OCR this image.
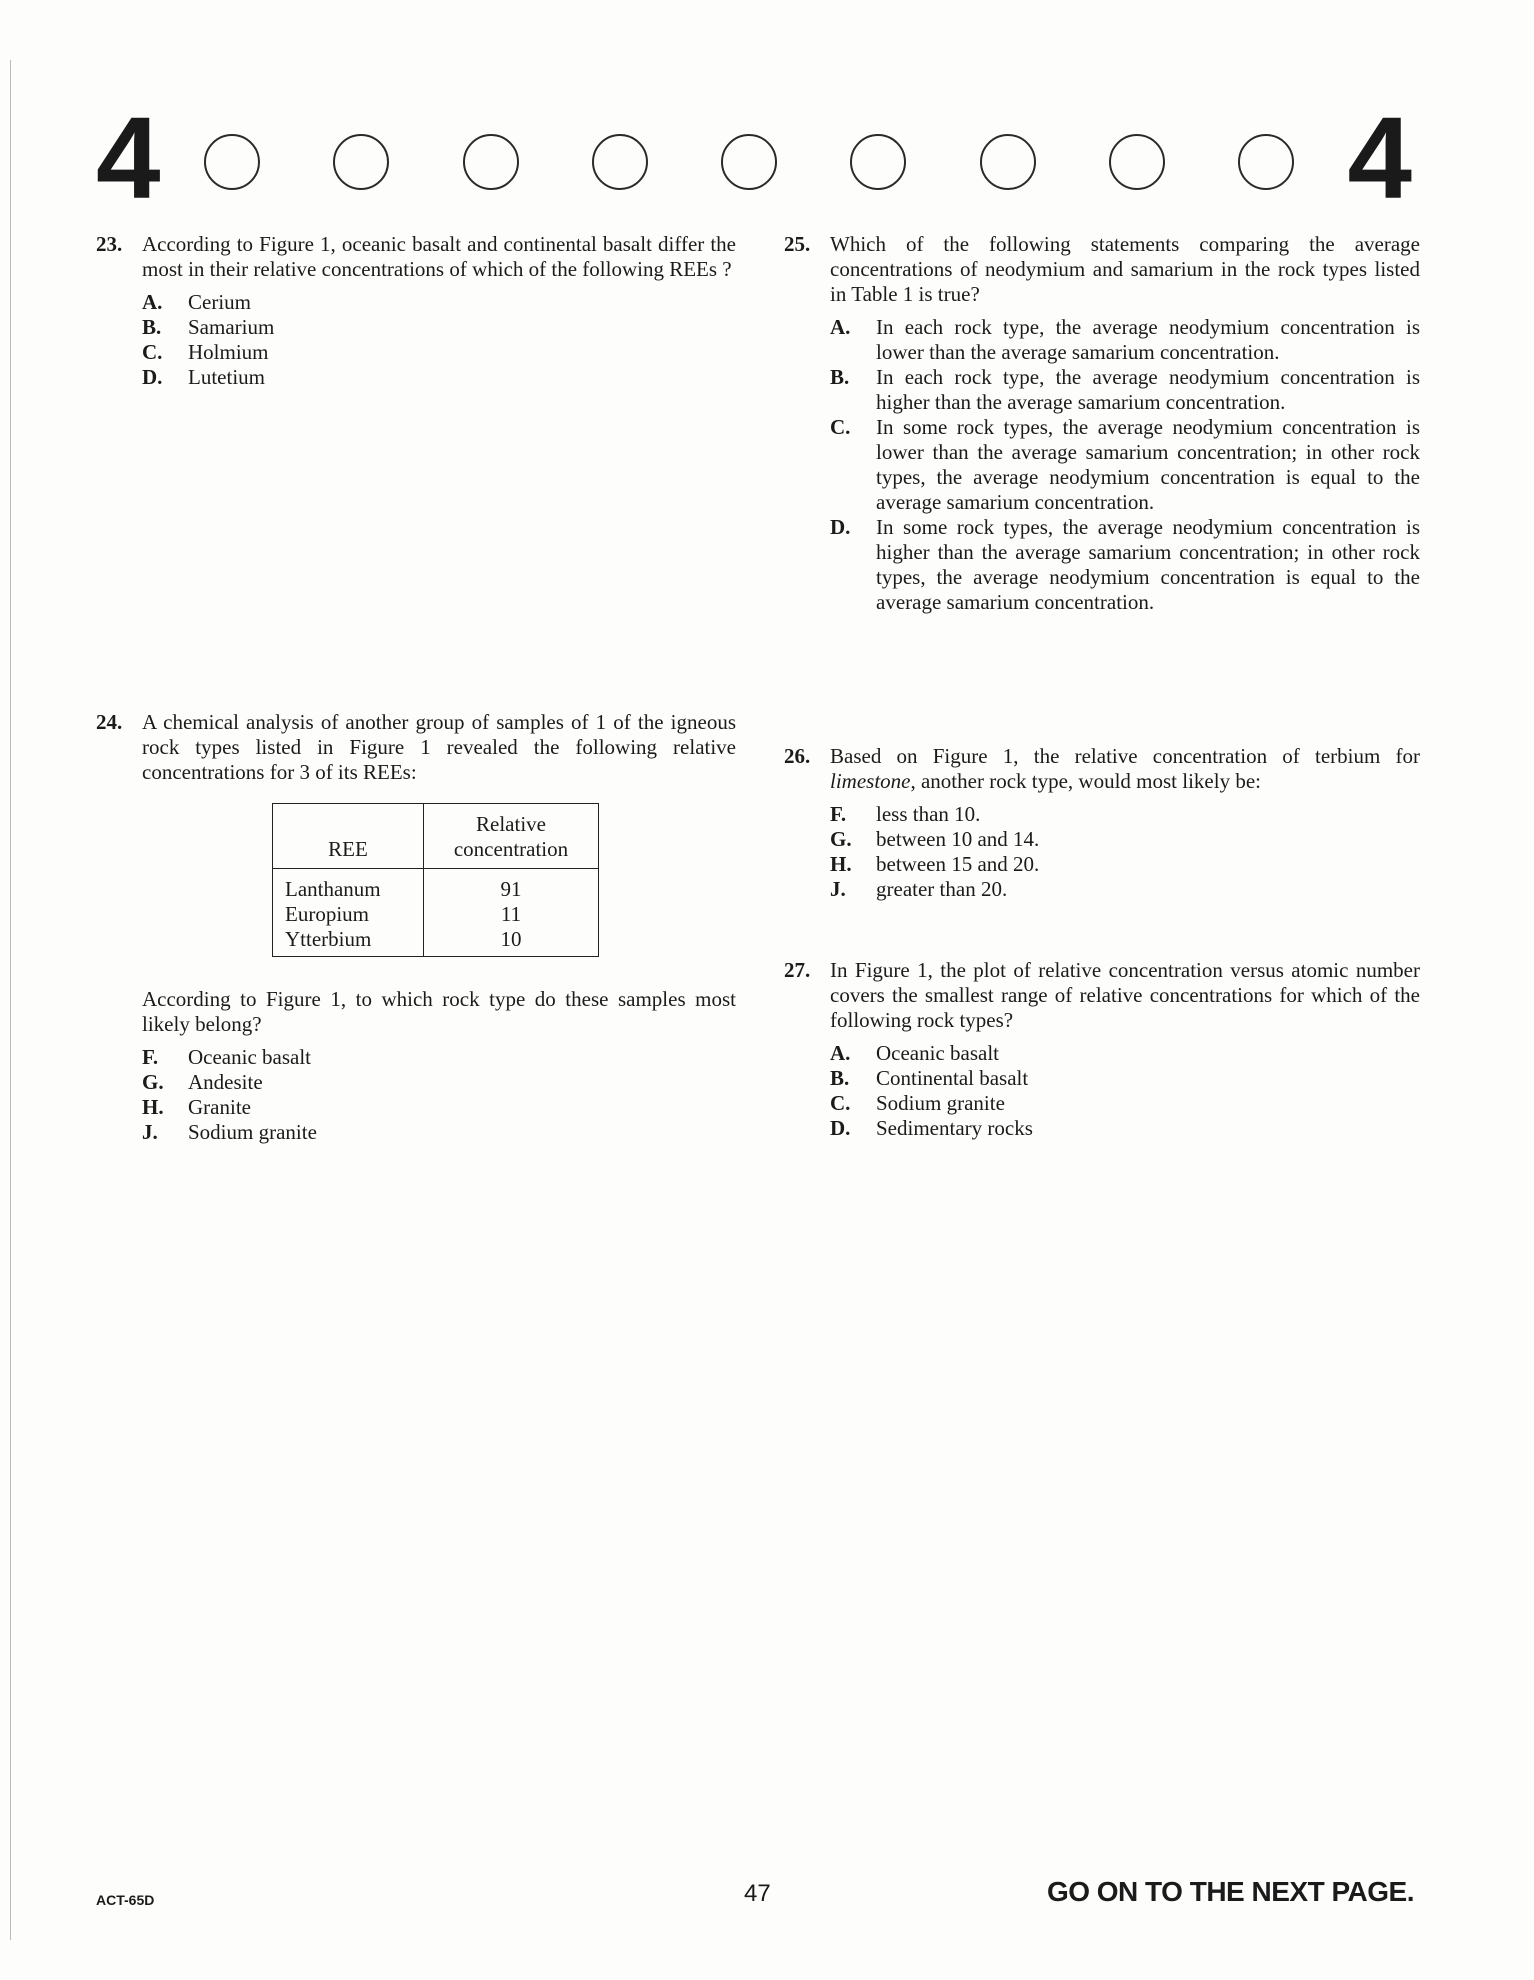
4	4
23. According to Figure 1, oceanic basalt and continental basalt differ the most in their relative concentrations of which of the following REEs ?
A.	Cerium
B.	Samarium
C.	Holmium
D.	Lutetium
24. A chemical analysis of another group of samples of 1 of the igneous rock types listed in Figure 1 revealed the following relative concentrations for 3 of its REEs:
REE	Relative concentration
Lanthanum	91
Europium	11
Ytterbium	10
According to Figure 1, to which rock type do these samples most likely belong?
F.	Oceanic basalt
G.	Andesite
H.	Granite
J.	Sodium granite
25. Which of the following statements comparing the average concentrations of neodymium and samarium in the rock types listed in Table 1 is true?
A.	In each rock type, the average neodymium concentration is lower than the average samarium concentration.
B.	In each rock type, the average neodymium concentration is higher than the average samarium concentration.
C.	In some rock types, the average neodymium concentration is lower than the average samarium concentration; in other rock types, the average neodymium concentration is equal to the average samarium concentration.
D.	In some rock types, the average neodymium concentration is higher than the average samarium concentration; in other rock types, the average neodymium concentration is equal to the average samarium concentration.
26. Based on Figure 1, the relative concentration of terbium for limestone, another rock type, would most likely be:
F.	less than 10.
G.	between 10 and 14.
H.	between 15 and 20.
J.	greater than 20.
27. In Figure 1, the plot of relative concentration versus atomic number covers the smallest range of relative concentrations for which of the following rock types?
A.	Oceanic basalt
B.	Continental basalt
C.	Sodium granite
D.	Sedimentary rocks
ACT-65D	47	GO ON TO THE NEXT PAGE.
